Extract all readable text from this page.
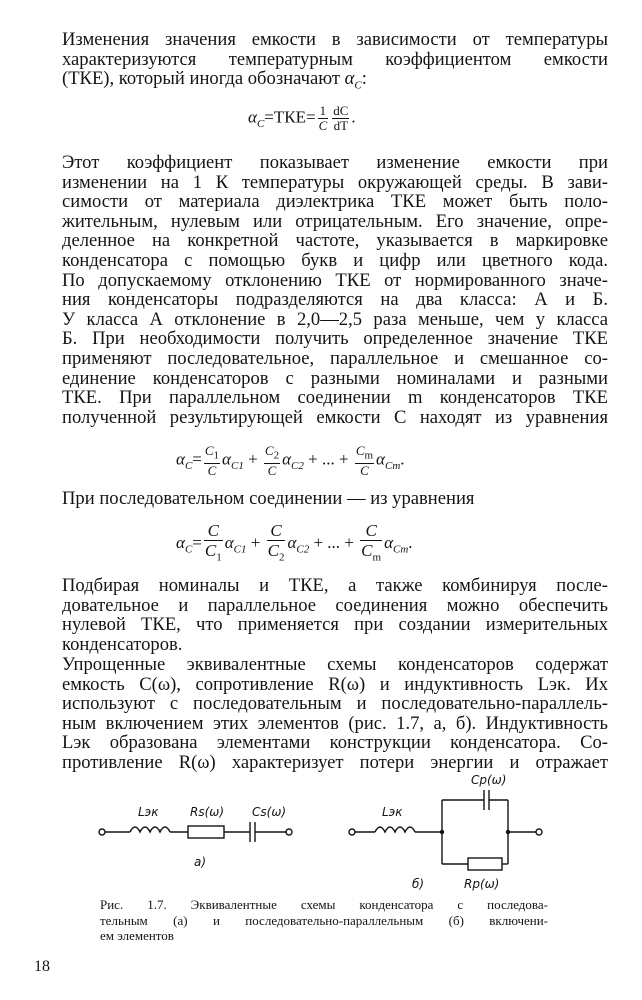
Изменения значения емкости в зависимости от температуры
характеризуются температурным коэффициентом емкости
(ТКЕ), который иногда обозначают $\alpha_C$:
$\alpha_C=ТКЕ= \frac{1}{C} \frac{dC}{dT}$ .
Этот коэффициент показывает изменение емкости при
изменении на 1 К температуры окружающей среды. В зави-
симости от материала диэлектрика ТКЕ может быть поло-
жительным, нулевым или отрицательным. Его значение, опре-
деленное на конкретной частоте, указывается в маркировке
конденсатора с помощью букв и цифр или цветного кода.
По допускаемому отклонению ТКЕ от нормированного значе-
ния конденсаторы подразделяются на два класса: А и Б.
У класса А отклонение в 2,0—2,5 раза меньше, чем у класса
Б. При необходимости получить определенное значение ТКЕ
применяют последовательное, параллельное и смешанное со-
единение конденсаторов с разными номиналами и разными
ТКЕ. При параллельном соединении m конденсаторов ТКЕ
полученной результирующей емкости C находят из уравнения
$\alpha_C= \frac{C_1}{C} \alpha_{C1} + \frac{C_2}{C} \alpha_{C2}$ + ... + $\frac{C_m}{C} \alpha_{Cm}$.
При последовательном соединении — из уравнения
$\alpha_C= \frac{C}{C_1} \alpha_{C1} + \frac{C}{C_2} \alpha_{C2}$ + ... + $\frac{C}{C_m} \alpha_{Cm}$.
Подбирая номиналы и ТКЕ, а также комбинируя после-
довательное и параллельное соединения можно обеспечить
нулевой ТКЕ, что применяется при создании измерительных
конденсаторов.
Упрощенные эквивалентные схемы конденсаторов содержат
емкость C(ω), сопротивление R(ω) и индуктивность Lэк. Их
используют с последовательным и последовательно-параллель-
ным включением этих элементов (рис. 1.7, а, б). Индуктивность
Lэк образована элементами конструкции конденсатора. Со-
противление R(ω) характеризует потери энергии и отражает
Lэк	Rs(ω) Cs(ω)
а)
Lэк
Cp(ω)
Rp(ω)
б)
Рис. 1.7. Эквивалентные схемы конденсатора с последова-
тельным (а) и последовательно-параллельным (б) включени-
ем элементов
18
